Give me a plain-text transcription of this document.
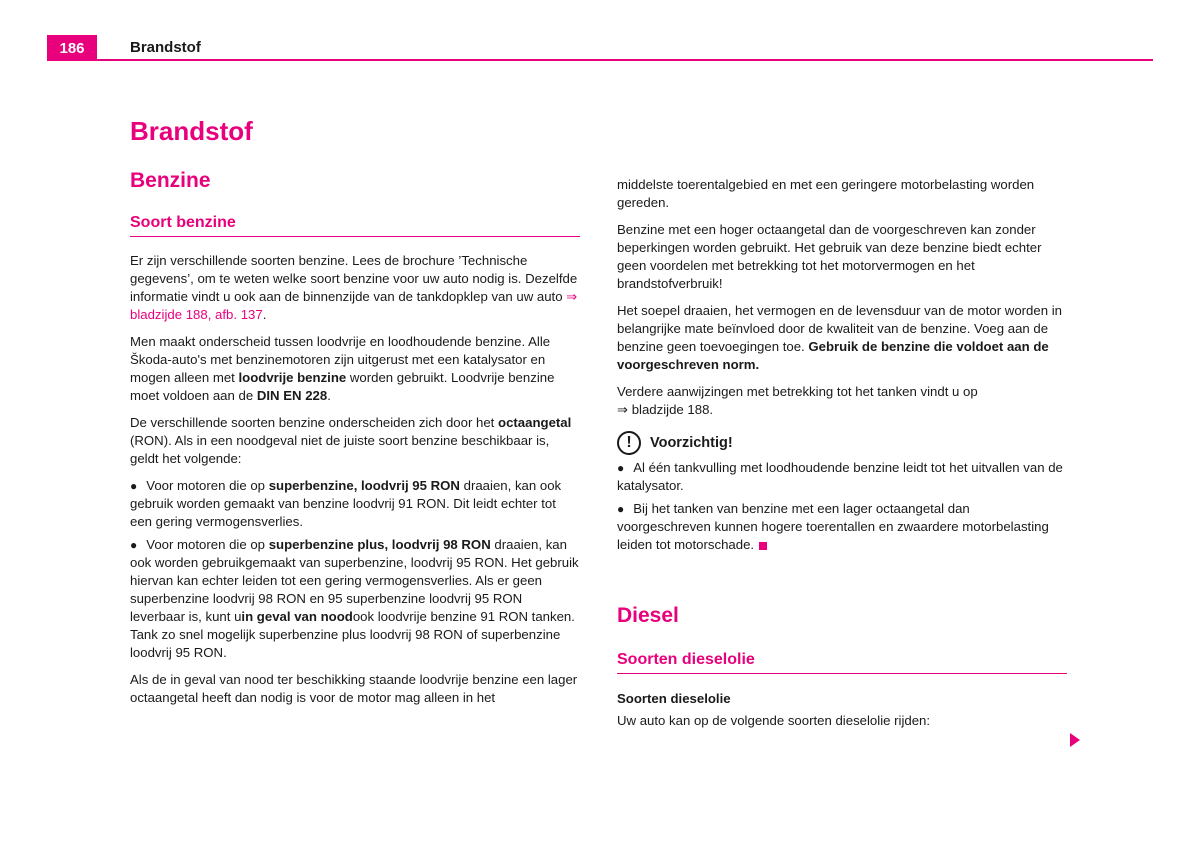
186	Brandstof
Brandstof
Benzine
Soort benzine

Er zijn verschillende soorten benzine. Lees de brochure ’Technische gegevens’, om te weten welke soort benzine voor uw auto nodig is. Dezelfde informatie vindt u ook aan de binnenzijde van de tankdopklep van uw auto ⇒ bladzijde 188, afb. 137.

Men maakt onderscheid tussen loodvrije en loodhoudende benzine. Alle Škoda-auto's met benzinemotoren zijn uitgerust met een katalysator en mogen alleen met loodvrije benzine worden gebruikt. Loodvrije benzine moet voldoen aan de DIN EN 228.

De verschillende soorten benzine onderscheiden zich door het octaangetal (RON). Als in een noodgeval niet de juiste soort benzine beschikbaar is, geldt het volgende:

● Voor motoren die op superbenzine, loodvrij 95 RON draaien, kan ook gebruik worden gemaakt van benzine loodvrij 91 RON. Dit leidt echter tot een gering vermogensverlies.

● Voor motoren die op superbenzine plus, loodvrij 98 RON draaien, kan ook worden gebruikgemaakt van superbenzine, loodvrij 95 RON. Het gebruik hiervan kan echter leiden tot een gering vermogensverlies. Als er geen superbenzine loodvrij 98 RON en 95 superbenzine loodvrij 95 RON leverbaar is, kunt uin geval van noodook loodvrije benzine 91 RON tanken. Tank zo snel mogelijk superbenzine plus loodvrij 98 RON of superbenzine loodvrij 95 RON.

Als de in geval van nood ter beschikking staande loodvrije benzine een lager octaangetal heeft dan nodig is voor de motor mag alleen in het

middelste toerentalgebied en met een geringere motorbelasting worden gereden.

Benzine met een hoger octaangetal dan de voorgeschreven kan zonder beperkingen worden gebruikt. Het gebruik van deze benzine biedt echter geen voordelen met betrekking tot het motorvermogen en het brandstofverbruik!

Het soepel draaien, het vermogen en de levensduur van de motor worden in belangrijke mate beïnvloed door de kwaliteit van de benzine. Voeg aan de benzine geen toevoegingen toe. Gebruik de benzine die voldoet aan de voorgeschreven norm.

Verdere aanwijzingen met betrekking tot het tanken vindt u op
⇒ bladzijde 188.

!	Voorzichtig!

● Al één tankvulling met loodhoudende benzine leidt tot het uitvallen van de katalysator.

● Bij het tanken van benzine met een lager octaangetal dan voorgeschreven kunnen hogere toerentallen en zwaardere motorbelasting leiden tot motorschade.

Diesel
Soorten dieselolie

Soorten dieselolie

Uw auto kan op de volgende soorten dieselolie rijden:
